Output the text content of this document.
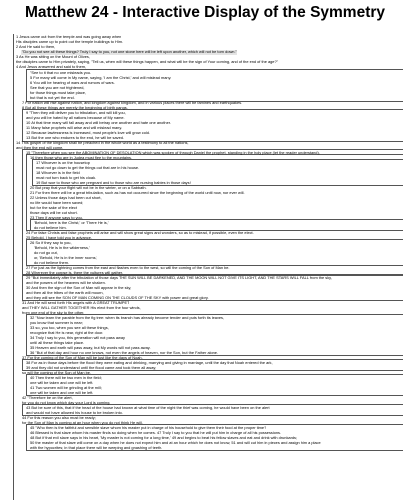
Matthew 24 - Interactive Display of the Symmetry
1 Jesus came out from the temple and was going away when
His disciples came up to point out the temple buildings to Him.
2 And He said to them,
"Do you not see all these things? Truly I say to you, not one stone here will be left upon another, which will not be torn down."
3 As He was sitting on the Mount of Olives,
the disciples came to Him privately, saying, "Tell us, when will these things happen, and what will be the sign of Your coming, and of the end of the age?"
4 And Jesus answered and said to them,
"See to it that no one misleads you.
5 For many will come in My name, saying, 'I am the Christ,' and will mislead many.
6 You will be hearing of wars and rumors of wars.
See that you are not frightened,
for those things must take place,
but that is not yet the end.
7 For nation will rise against nation, and kingdom against kingdom, and in various places there will be famines and earthquakes.
8 But all these things are merely the beginning of birth pangs.
9 "Then they will deliver you to tribulation, and will kill you,
and you will be hated by all nations because of My name.
10 At that time many will fall away and will betray one another and hate one another.
11 Many false prophets will arise and will mislead many.
12 Because lawlessness is increased, most people's love will grow cold.
13 But the one who endures to the end, he will be saved.
14 This gospel of the kingdom shall be preached in the whole world as a testimony to all the nations,
and then the end will come.
15 "Therefore when you see the ABOMINATION OF DESOLATION which was spoken of through Daniel the prophet, standing in the holy place (let the reader understand),
16 then those who are in Judea must flee to the mountains.
17 Whoever is on the housetop
must not go down to get the things out that are in his house.
18 Whoever is in the field
must not turn back to get his cloak.
19 But woe to those who are pregnant and to those who are nursing babies in those days!
20 But pray that your flight will not be in the winter, or on a Sabbath.
21 For then there will be a great tribulation, such as has not occurred since the beginning of the world until now, nor ever will.
22 Unless those days had been cut short,
no life would have been saved;
but for the sake of the elect
those days will be cut short.
23 Then if anyone says to you,
'Behold, here is the Christ,' or 'There He is,'
do not believe him.
24 For false Christs and false prophets will arise and will show great signs and wonders, so as to mislead, if possible, even the elect.
25 Behold, I have told you in advance.
26 So if they say to you,
'Behold, He is in the wilderness,'
do not go out,
or, 'Behold, He is in the inner rooms,'
do not believe them.
27 For just as the lightning comes from the east and flashes even to the west, so will the coming of the Son of Man be.
28 Wherever the corpse is, there the vultures will gather.
29 "But immediately after the tribulation of those days THE SUN WILL BE DARKENED, AND THE MOON WILL NOT GIVE ITS LIGHT, AND THE STARS WILL FALL from the sky,
and the powers of the heavens will be shaken.
30 And then the sign of the Son of Man will appear in the sky,
and then all the tribes of the earth will mourn,
and they will see the SON OF MAN COMING ON THE CLOUDS OF THE SKY with power and great glory.
31 And He will send forth His angels with A GREAT TRUMPET
and THEY WILL GATHER TOGETHER His elect from the four winds,
from one end of the sky to the other.
32 "Now learn the parable from the fig tree: when its branch has already become tender and puts forth its leaves,
you know that summer is near;
33 so, you too, when you see all these things,
recognize that He is near, right at the door.
34 Truly I say to you, this generation will not pass away
until all these things take place.
35 Heaven and earth will pass away, but My words will not pass away.
36 "But of that day and hour no one knows, not even the angels of heaven, nor the Son, but the Father alone.
37 For the coming of the Son of Man will be just like the days of Noah.
38 For as in those days before the flood they were eating and drinking, marrying and giving in marriage, until the day that Noah entered the ark,
39 and they did not understand until the flood came and took them all away;
so will the coming of the Son of Man be.
40 Then there will be two men in the field;
one will be taken and one will be left.
41 Two women will be grinding at the mill;
one will be taken and one will be left.
42 "Therefore be on the alert,
for you do not know which day your Lord is coming.
43 But be sure of this, that if the head of the house had known at what time of the night the thief was coming, he would have been on the alert
and would not have allowed his house to be broken into.
44 For this reason you also must be ready;
for the Son of Man is coming at an hour when you do not think He will.
45 "Who then is the faithful and sensible slave whom his master put in charge of his household to give them their food at the proper time?
46 Blessed is that slave whom his master finds so doing when he comes. 47 Truly I say to you that he will put him in charge of all his possessions.
48 But if that evil slave says in his heart, 'My master is not coming for a long time,' 49 and begins to beat his fellow slaves and eat and drink with drunkards;
50 the master of that slave will come on a day when he does not expect him and at an hour which he does not know, 51 and will cut him in pieces and assign him a place
with the hypocrites; in that place there will be weeping and gnashing of teeth.
